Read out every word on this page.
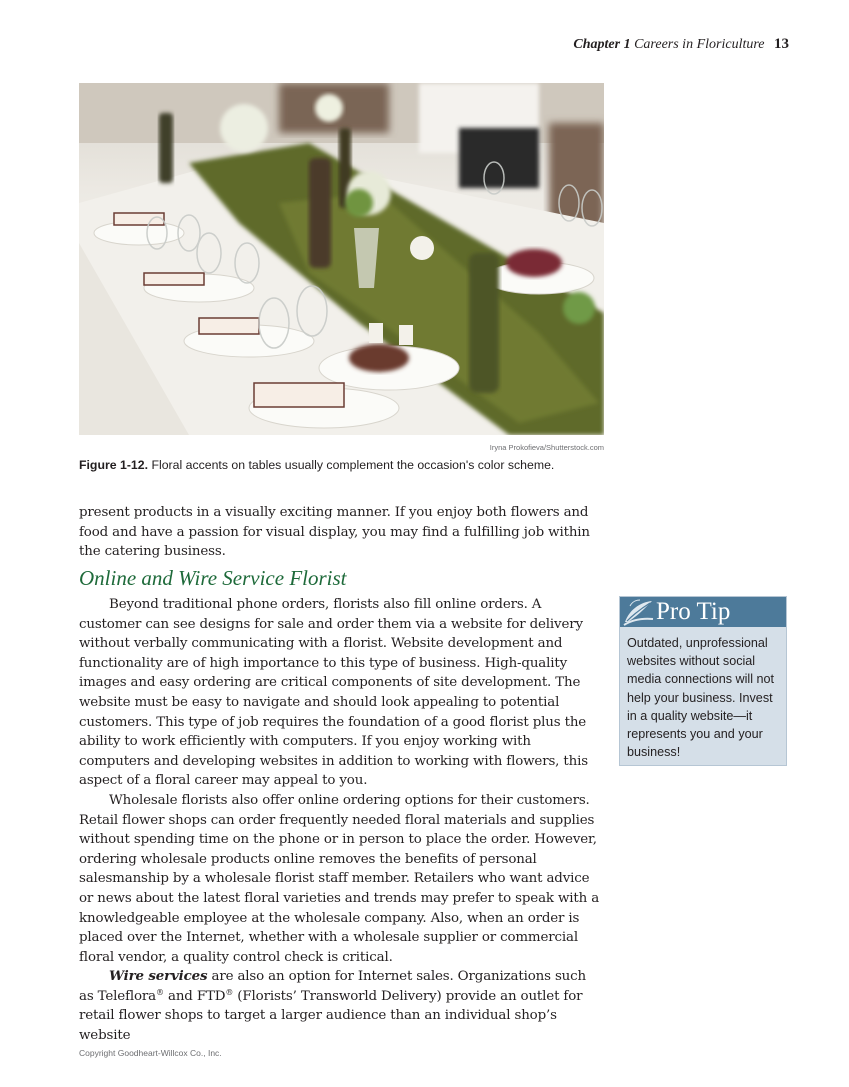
Chapter 1 Careers in Floriculture 13
Iryna Prokofieva/Shutterstock.com
Figure 1-12. Floral accents on tables usually complement the occasion's color scheme.

present products in a visually exciting manner. If you enjoy both flowers and food and have a passion for visual display, you may find a fulfilling job within the catering business.

Online and Wire Service Florist

Beyond traditional phone orders, florists also fill online orders. A customer can see designs for sale and order them via a website for delivery without verbally communicating with a florist. Website development and functionality are of high importance to this type of business. High-quality images and easy ordering are critical components of site development. The website must be easy to navigate and should look appealing to potential customers. This type of job requires the foundation of a good florist plus the ability to work efficiently with computers. If you enjoy working with computers and developing websites in addition to working with flowers, this aspect of a floral career may appeal to you.

Wholesale florists also offer online ordering options for their customers. Retail flower shops can order frequently needed floral materials and supplies without spending time on the phone or in person to place the order. However, ordering wholesale products online removes the benefits of personal salesmanship by a wholesale florist staff member. Retailers who want advice or news about the latest floral varieties and trends may prefer to speak with a knowledgeable employee at the wholesale company. Also, when an order is placed over the Internet, whether with a wholesale supplier or commercial floral vendor, a quality control check is critical.

Wire services are also an option for Internet sales. Organizations such as Teleflora® and FTD® (Florists’ Transworld Delivery) provide an outlet for retail flower shops to target a larger audience than an individual shop’s website

Pro Tip
Outdated, unprofessional websites without social media connections will not help your business. Invest in a quality website—it represents you and your business!
Copyright Goodheart-Willcox Co., Inc.
